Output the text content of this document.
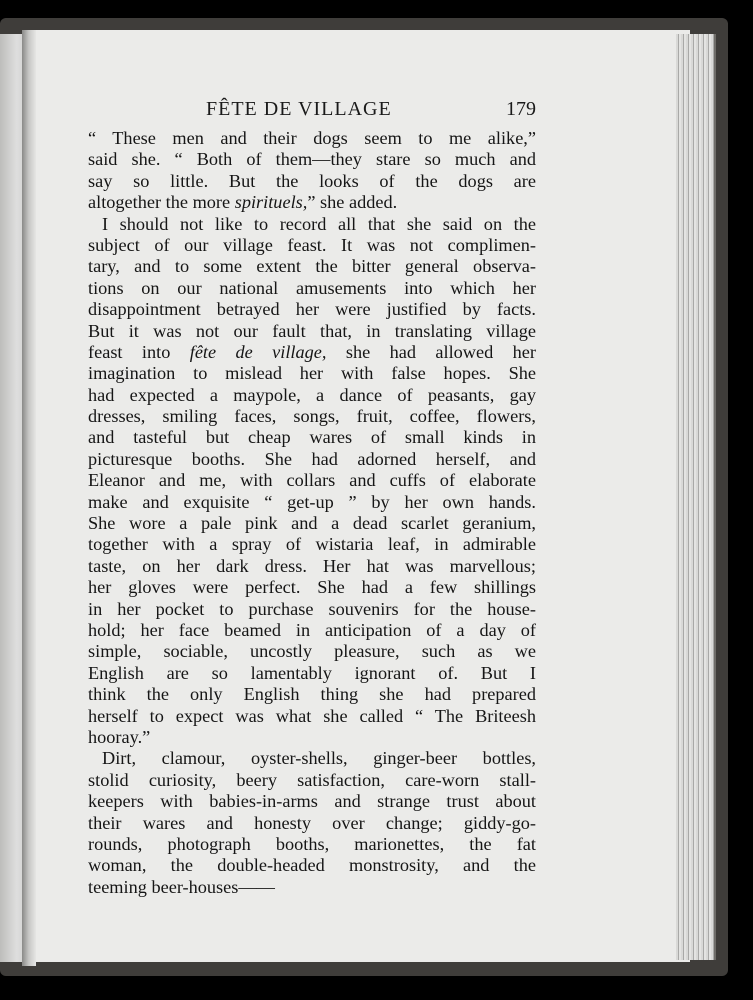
FÊTE DE VILLAGE	179
“ These men and their dogs seem to me alike,”
said she. “ Both of them—they stare so much and
say so little. But the looks of the dogs are
altogether the more spirituels,” she added.
I should not like to record all that she said on the
subject of our village feast. It was not complimen-
tary, and to some extent the bitter general observa-
tions on our national amusements into which her
disappointment betrayed her were justified by facts.
But it was not our fault that, in translating village
feast into fête de village, she had allowed her
imagination to mislead her with false hopes. She
had expected a maypole, a dance of peasants, gay
dresses, smiling faces, songs, fruit, coffee, flowers,
and tasteful but cheap wares of small kinds in
picturesque booths. She had adorned herself, and
Eleanor and me, with collars and cuffs of elaborate
make and exquisite “ get-up ” by her own hands.
She wore a pale pink and a dead scarlet geranium,
together with a spray of wistaria leaf, in admirable
taste, on her dark dress. Her hat was marvellous;
her gloves were perfect. She had a few shillings
in her pocket to purchase souvenirs for the house-
hold; her face beamed in anticipation of a day of
simple, sociable, uncostly pleasure, such as we
English are so lamentably ignorant of. But I
think the only English thing she had prepared
herself to expect was what she called “ The Briteesh
hooray.”
Dirt, clamour, oyster-shells, ginger-beer bottles,
stolid curiosity, beery satisfaction, care-worn stall-
keepers with babies-in-arms and strange trust about
their wares and honesty over change; giddy-go-
rounds, photograph booths, marionettes, the fat
woman, the double-headed monstrosity, and the
teeming beer-houses——
